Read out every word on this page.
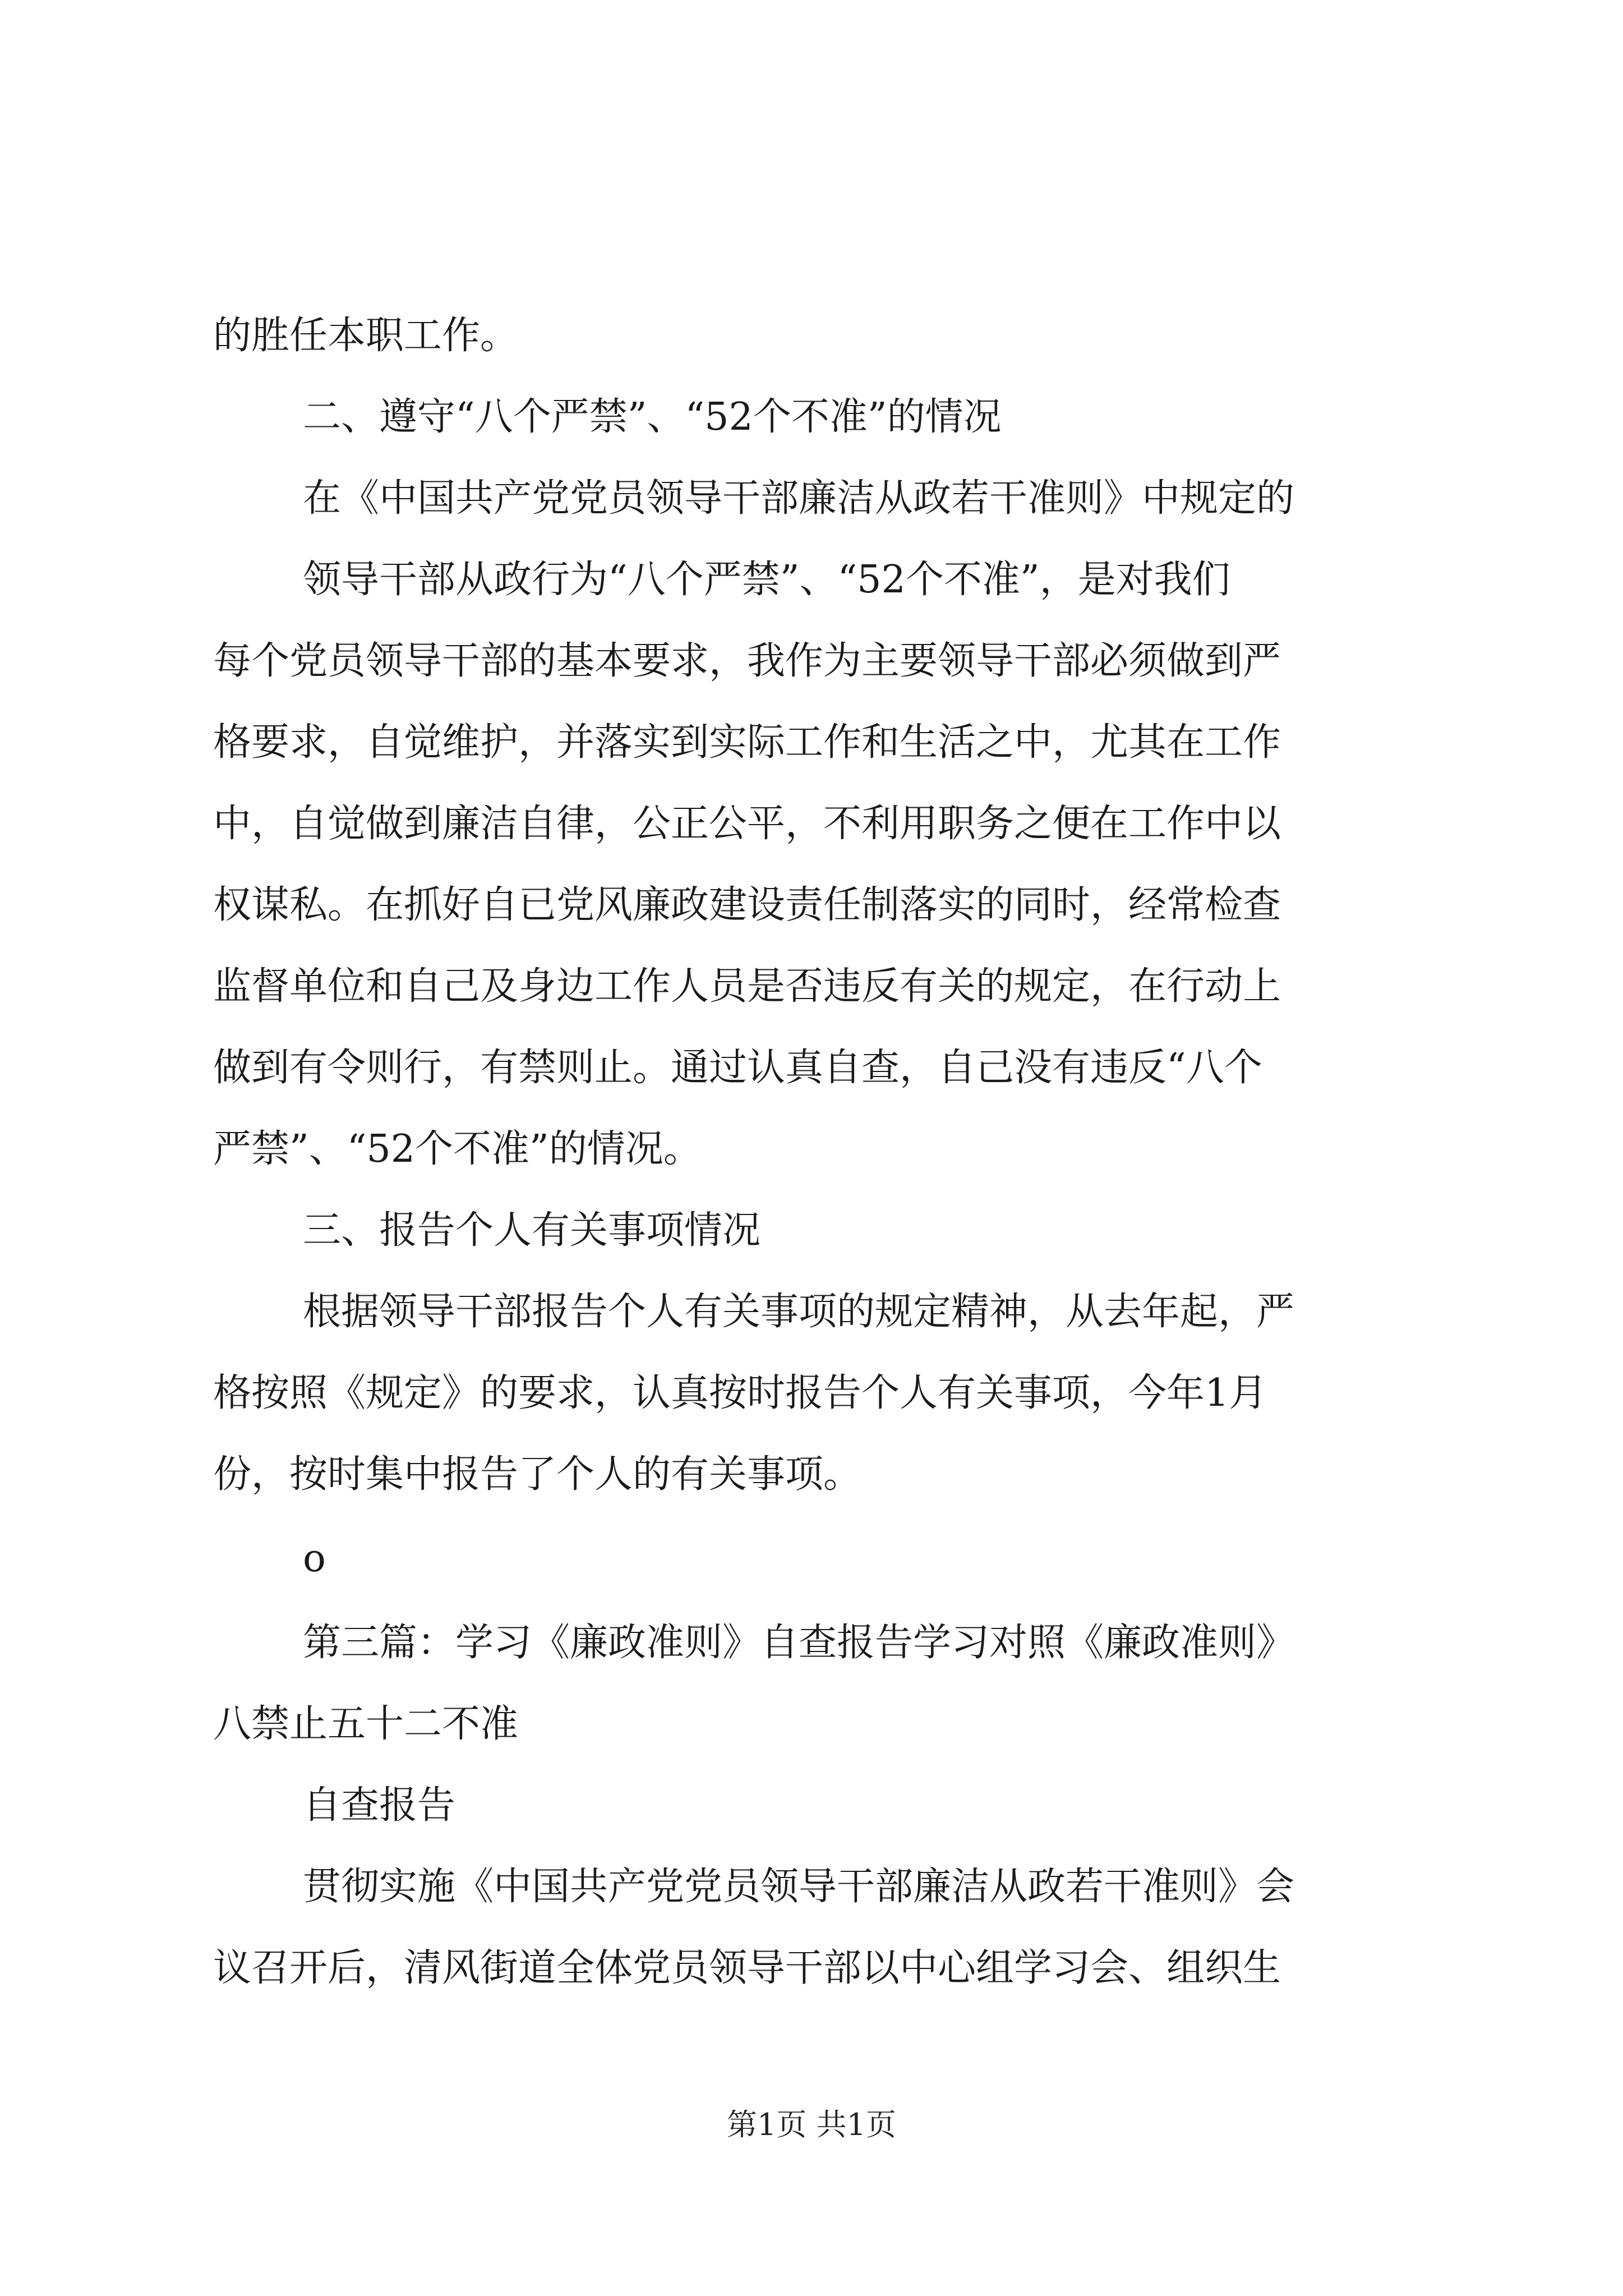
的胜任本职工作。
二、遵守“八个严禁”、“52个不准”的情况
在《中国共产党党员领导干部廉洁从政若干准则》中规定的
领导干部从政行为“八个严禁”、“52个不准”，是对我们
每个党员领导干部的基本要求，我作为主要领导干部必须做到严
格要求，自觉维护，并落实到实际工作和生活之中，尤其在工作
中，自觉做到廉洁自律，公正公平，不利用职务之便在工作中以
权谋私。在抓好自已党风廉政建设责任制落实的同时，经常检查
监督单位和自己及身边工作人员是否违反有关的规定，在行动上
做到有令则行，有禁则止。通过认真自查，自己没有违反“八个
严禁”、“52个不准”的情况。
三、报告个人有关事项情况
根据领导干部报告个人有关事项的规定精神，从去年起，严
格按照《规定》的要求，认真按时报告个人有关事项，今年1月
份，按时集中报告了个人的有关事项。
o
第三篇：学习《廉政准则》自查报告学习对照《廉政准则》
八禁止五十二不准
自查报告
贯彻实施《中国共产党党员领导干部廉洁从政若干准则》会
议召开后，清风街道全体党员领导干部以中心组学习会、组织生
第1页 共1页
